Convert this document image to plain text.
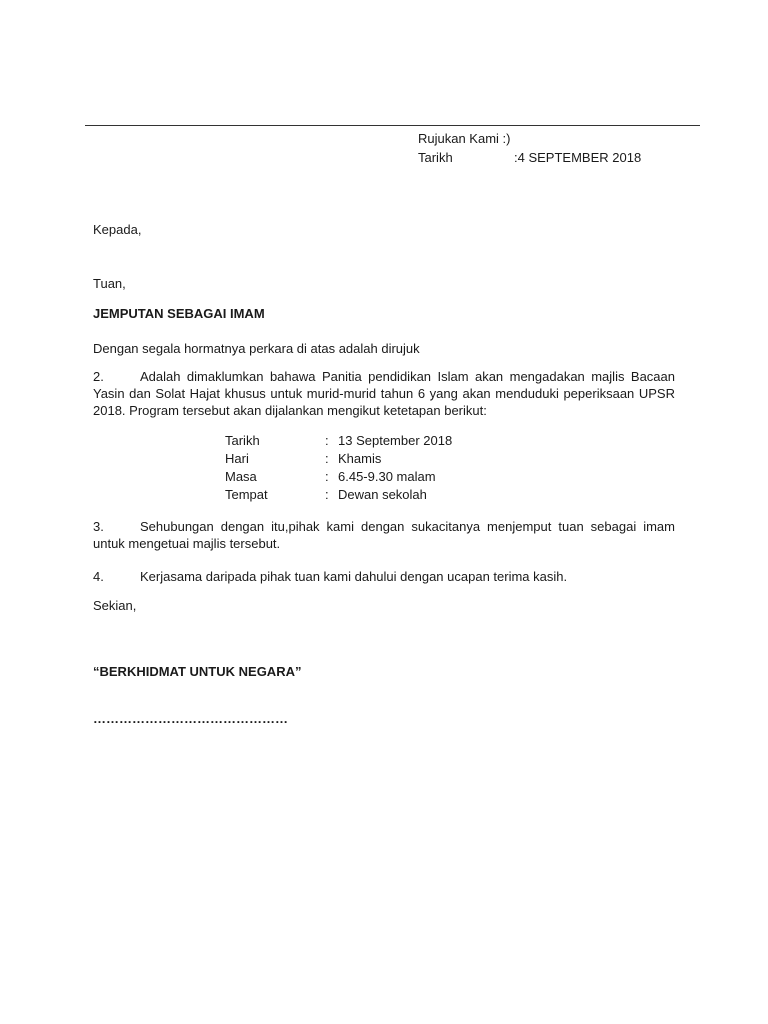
Rujukan Kami :)
Tarikh	:4 SEPTEMBER 2018
Kepada,
Tuan,
JEMPUTAN SEBAGAI IMAM
Dengan segala hormatnya perkara di atas adalah dirujuk
2.	Adalah dimaklumkan bahawa Panitia pendidikan Islam akan mengadakan majlis Bacaan Yasin dan Solat Hajat khusus untuk murid-murid tahun 6 yang akan menduduki peperiksaan UPSR 2018. Program tersebut akan dijalankan mengikut ketetapan berikut:
Tarikh	: 13 September 2018
Hari	: Khamis
Masa	: 6.45-9.30 malam
Tempat	: Dewan sekolah
3.	Sehubungan dengan itu,pihak kami dengan sukacitanya menjemput tuan sebagai imam untuk mengetuai majlis tersebut.
4.	Kerjasama daripada pihak tuan kami dahului dengan ucapan terima kasih.
Sekian,
“BERKHIDMAT UNTUK NEGARA”
………………………………………
